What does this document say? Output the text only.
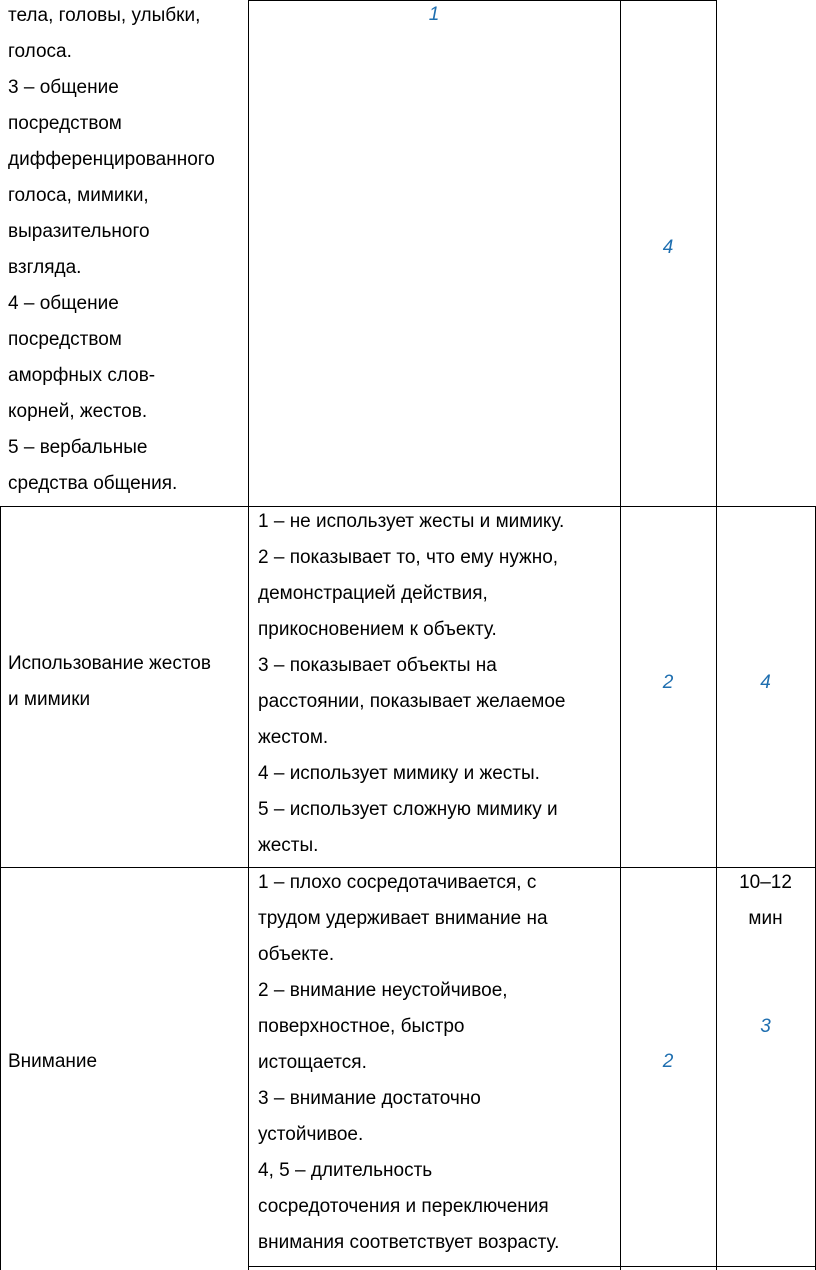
тела, головы, улыбки,

голоса.

3 – общение

посредством

дифференцированного

голоса, мимики,

выразительного

взгляда.

4 – общение

посредством

аморфных слов-

корней, жестов.

5 – вербальные

средства общения.

1
4

Использование жестов

и мимики

1 – не использует жесты и мимику.

2 – показывает то, что ему нужно,

демонстрацией действия,

прикосновением к объекту.

3 – показывает объекты на

расстоянии, показывает желаемое

жестом.

4 – использует мимику и жесты.

5 – использует сложную мимику и

жесты.

2	4

Внимание

1 – плохо сосредотачивается, с

трудом удерживает внимание на

объекте.

2 – внимание неустойчивое,

поверхностное, быстро

истощается.

3 – внимание достаточно

устойчивое.

4, 5 – длительность

сосредоточения и переключения

внимания соответствует возрасту.

2
10–12
мин
3
